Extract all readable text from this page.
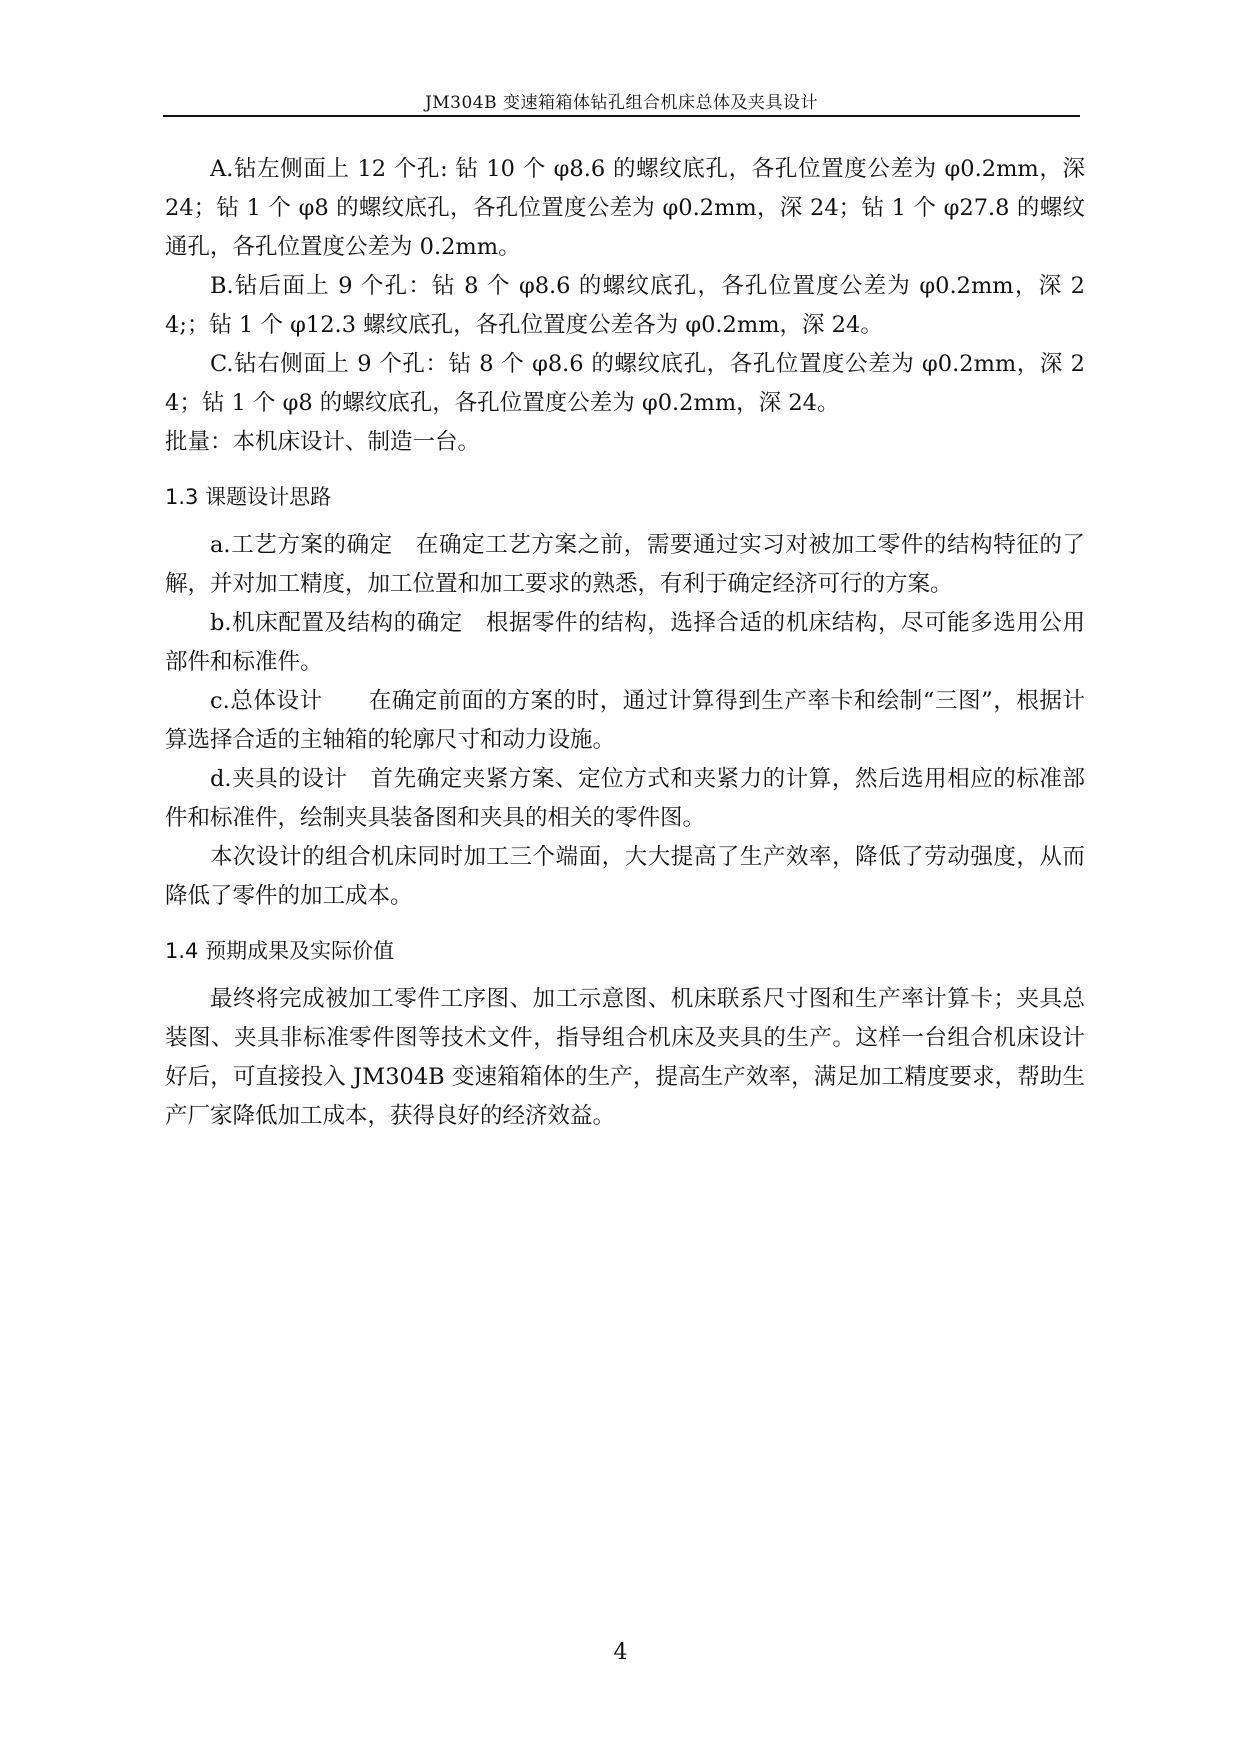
JM304B 变速箱箱体钻孔组合机床总体及夹具设计

A.钻左侧面上 12 个孔: 钻 10 个 φ8.6 的螺纹底孔，各孔位置度公差为 φ0.2mm，深 24；钻 1 个 φ8 的螺纹底孔，各孔位置度公差为 φ0.2mm，深 24；钻 1 个 φ27.8 的螺纹通孔，各孔位置度公差为 0.2mm。

B.钻后面上 9 个孔：钻 8 个 φ8.6 的螺纹底孔，各孔位置度公差为 φ0.2mm，深 24;；钻 1 个 φ12.3 螺纹底孔，各孔位置度公差各为 φ0.2mm，深 24。

C.钻右侧面上 9 个孔：钻 8 个 φ8.6 的螺纹底孔，各孔位置度公差为 φ0.2mm，深 24；钻 1 个 φ8 的螺纹底孔，各孔位置度公差为 φ0.2mm，深 24。

批量：本机床设计、制造一台。

1.3 课题设计思路

a.工艺方案的确定　在确定工艺方案之前，需要通过实习对被加工零件的结构特征的了解，并对加工精度，加工位置和加工要求的熟悉，有利于确定经济可行的方案。

b.机床配置及结构的确定　根据零件的结构，选择合适的机床结构，尽可能多选用公用部件和标准件。

c.总体设计　　在确定前面的方案的时，通过计算得到生产率卡和绘制“三图”，根据计算选择合适的主轴箱的轮廓尺寸和动力设施。

d.夹具的设计　首先确定夹紧方案、定位方式和夹紧力的计算，然后选用相应的标准部件和标准件，绘制夹具装备图和夹具的相关的零件图。

本次设计的组合机床同时加工三个端面，大大提高了生产效率，降低了劳动强度，从而降低了零件的加工成本。

1.4 预期成果及实际价值

最终将完成被加工零件工序图、加工示意图、机床联系尺寸图和生产率计算卡；夹具总装图、夹具非标准零件图等技术文件，指导组合机床及夹具的生产。这样一台组合机床设计好后，可直接投入 JM304B 变速箱箱体的生产，提高生产效率，满足加工精度要求，帮助生产厂家降低加工成本，获得良好的经济效益。

4
